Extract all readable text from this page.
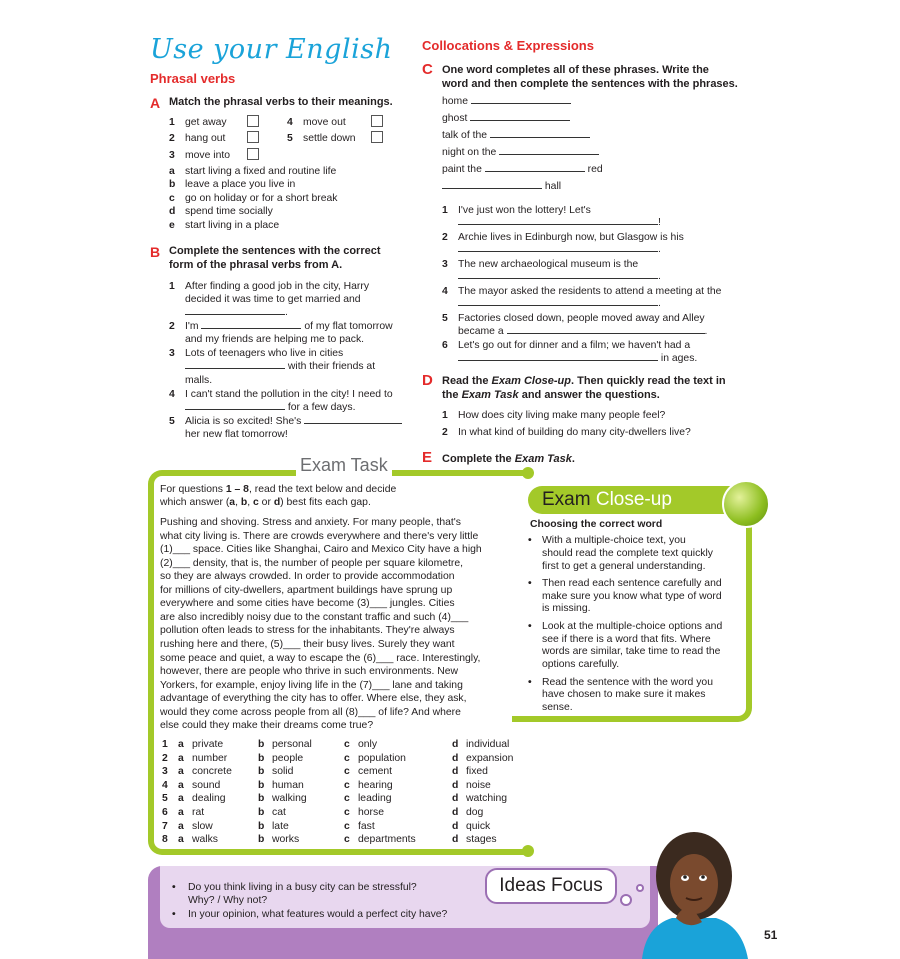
Use your English
Phrasal verbs
A Match the phrasal verbs to their meanings.
1 get away
2 hang out
3 move into
4 move out
5 settle down
a start living a fixed and routine life
b leave a place you live in
c go on holiday or for a short break
d spend time socially
e start living in a place
B Complete the sentences with the correct
form of the phrasal verbs from A.
1 After finding a good job in the city, Harry
decided it was time to get married and
.
2 I'm	of my flat tomorrow
and my friends are helping me to pack.
3 Lots of teenagers who live in cities
with their friends at
malls.
4 I can't stand the pollution in the city! I need to
for a few days.
5 Alicia is so excited! She's
her new flat tomorrow!
Collocations & Expressions
C One word completes all of these phrases. Write the
word and then complete the sentences with the phrases.
home
ghost
talk of the
night on the
paint the	red
hall
1 I've just won the lottery! Let's
!
2 Archie lives in Edinburgh now, but Glasgow is his
.
3 The new archaeological museum is the
.
4 The mayor asked the residents to attend a meeting at the
.
5 Factories closed down, people moved away and Alley
became a	.
6 Let's go out for dinner and a film; we haven't had a
in ages.
D Read the Exam Close-up. Then quickly read the text in
the Exam Task and answer the questions.
1 How does city living make many people feel?
2 In what kind of building do many city-dwellers live?
E Complete the Exam Task.
Exam Task
For questions 1 – 8, read the text below and decide
which answer (a, b, c or d) best fits each gap.
Pushing and shoving. Stress and anxiety. For many people, that's
what city living is. There are crowds everywhere and there's very little
(1)___ space. Cities like Shanghai, Cairo and Mexico City have a high
(2)___ density, that is, the number of people per square kilometre,
so they are always crowded. In order to provide accommodation
for millions of city-dwellers, apartment buildings have sprung up
everywhere and some cities have become (3)___ jungles. Cities
are also incredibly noisy due to the constant traffic and such (4)___
pollution often leads to stress for the inhabitants. They're always
rushing here and there, (5)___ their busy lives. Surely they want
some peace and quiet, a way to escape the (6)___ race. Interestingly,
however, there are people who thrive in such environments. New
Yorkers, for example, enjoy living life in the (7)___ lane and taking
advantage of everything the city has to offer. Where else, they ask,
would they come across people from all (8)___ of life? And where
else could they make their dreams come true?
1 a private	b personal	c only	d individual
2 a number	b people	c population	d expansion
3 a concrete	b solid	c cement	d fixed
4 a sound	b human	c hearing	d noise
5 a dealing	b walking	c leading	d watching
6 a rat	b cat	c horse	d dog
7 a slow	b late	c fast	d quick
8 a walks	b works	c departments	d stages
Exam Close-up
Choosing the correct word
• With a multiple-choice text, you
should read the complete text quickly
first to get a general understanding.
• Then read each sentence carefully and
make sure you know what type of word
is missing.
• Look at the multiple-choice options and
see if there is a word that fits. Where
words are similar, take time to read the
options carefully.
• Read the sentence with the word you
have chosen to make sure it makes
sense.
Ideas Focus
• Do you think living in a busy city can be stressful?
Why? / Why not?
• In your opinion, what features would a perfect city have?
51
